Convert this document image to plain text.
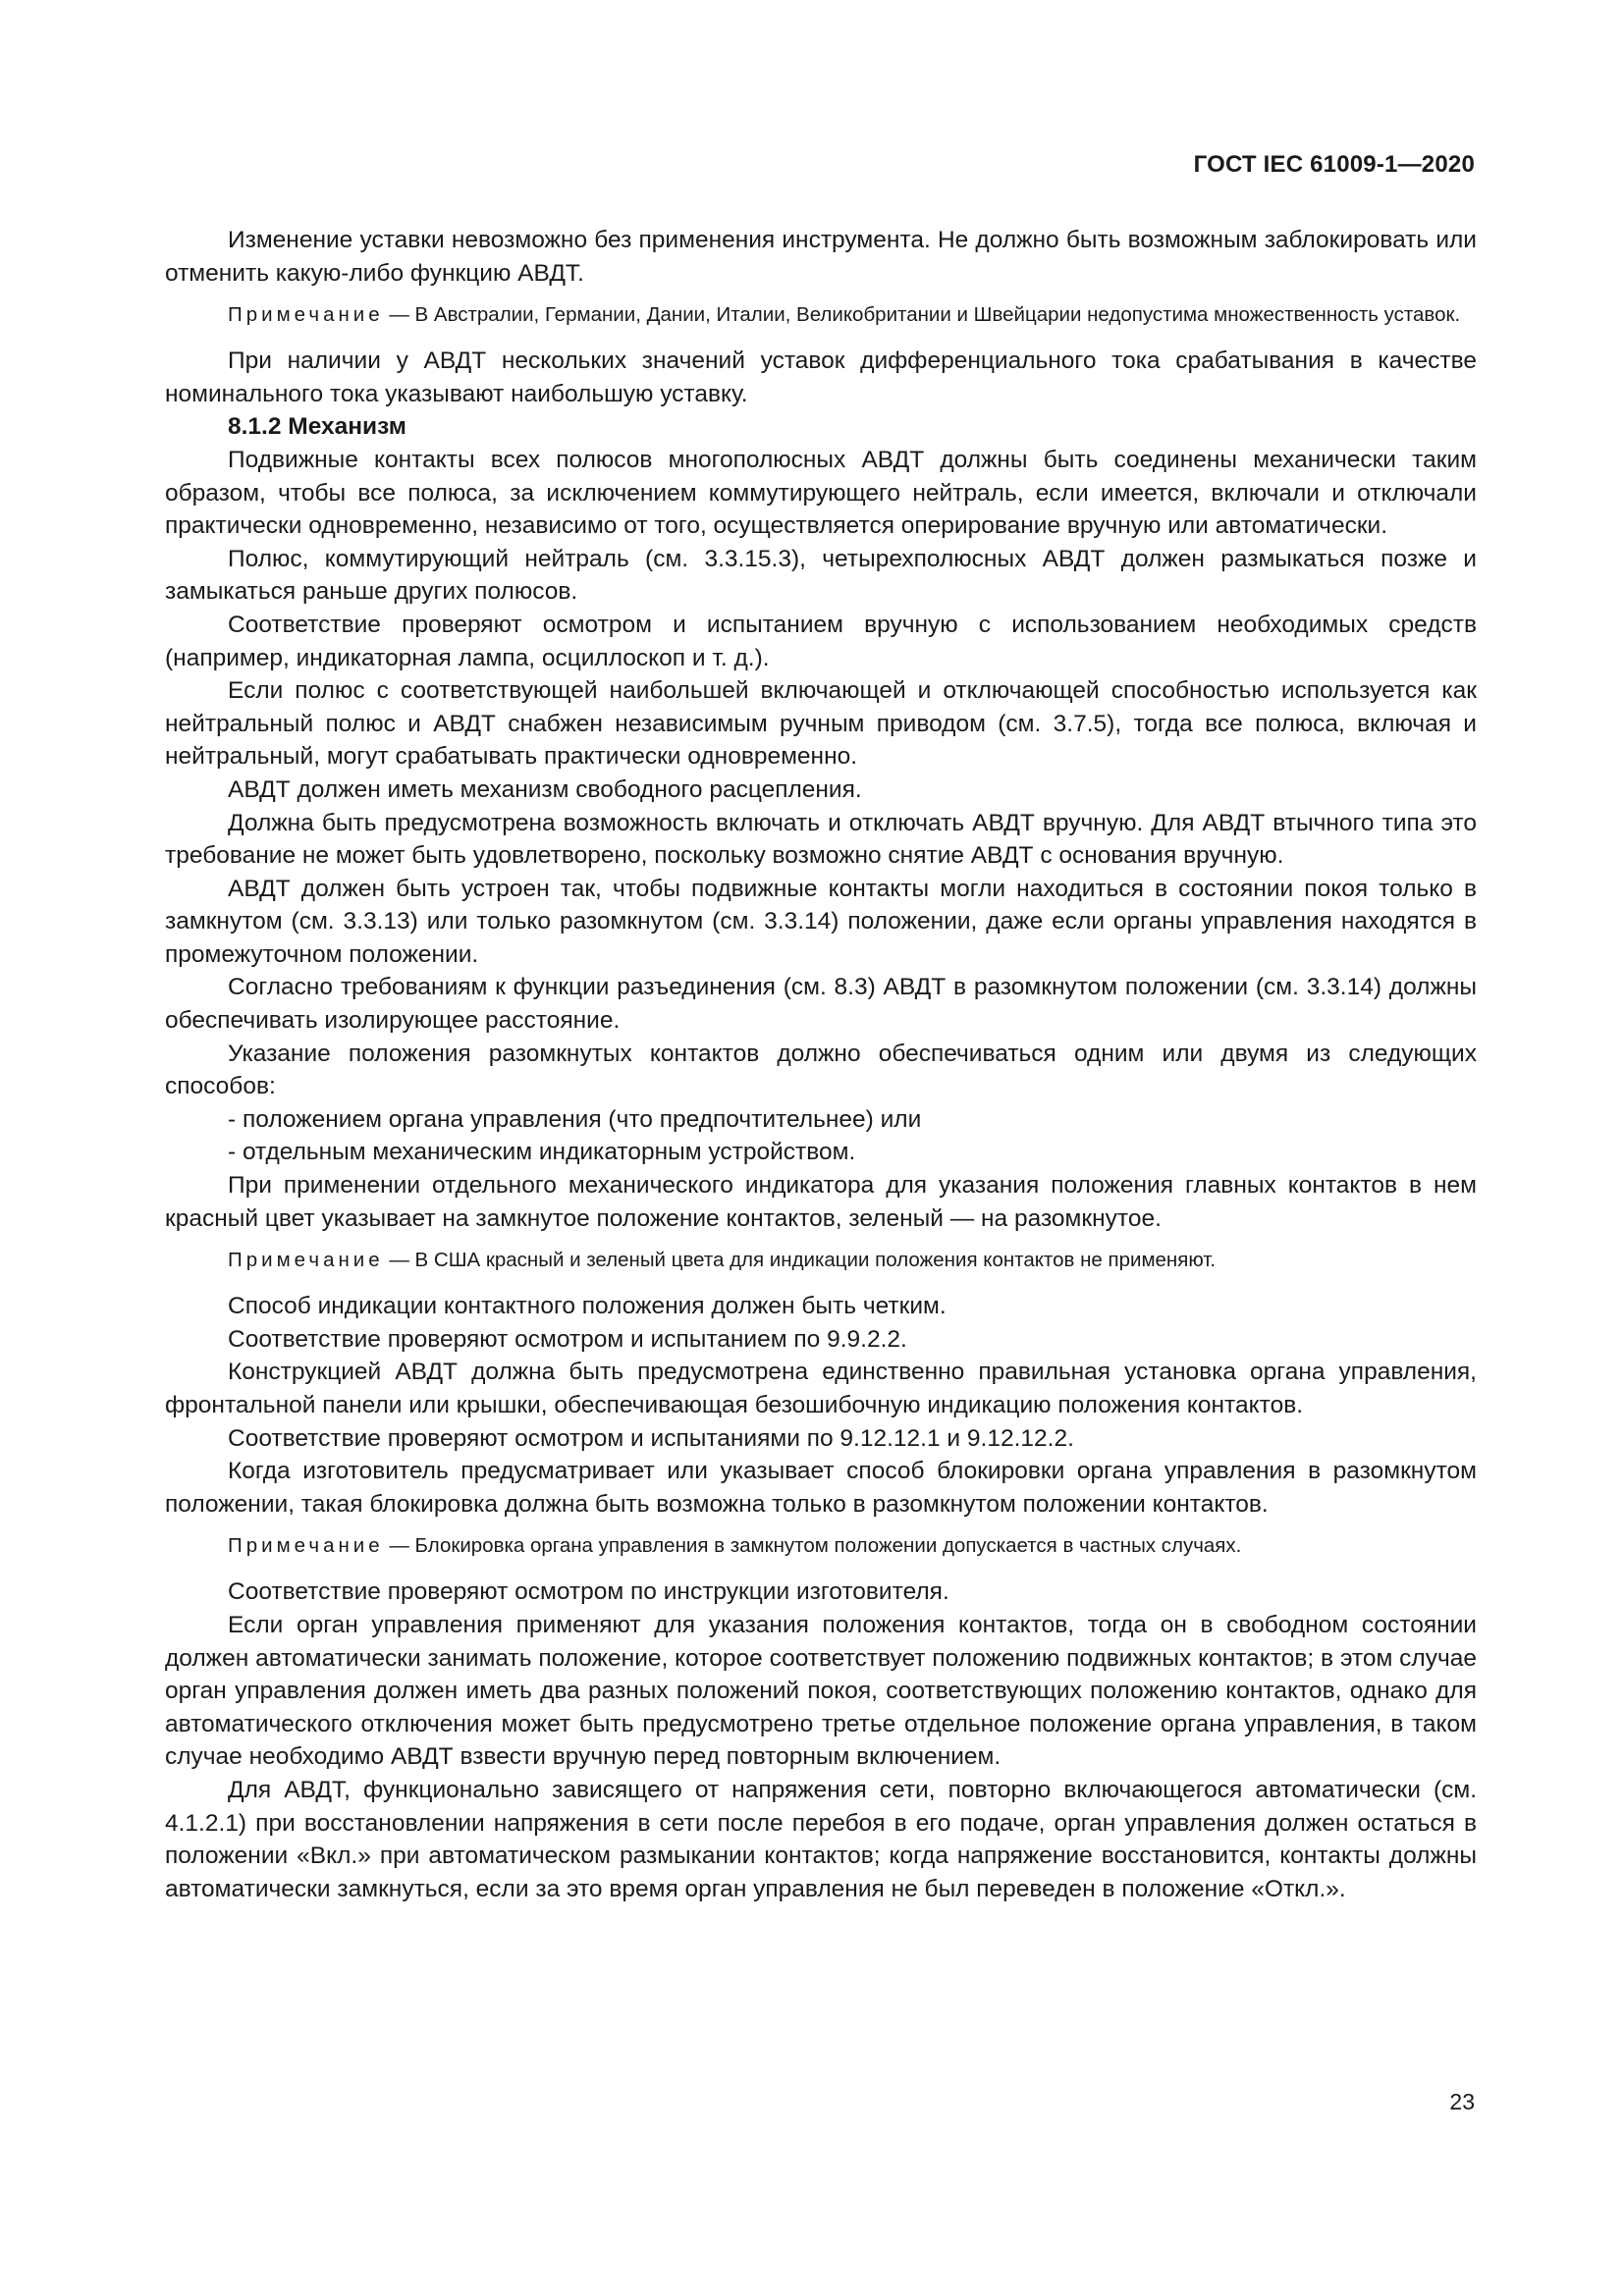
ГОСТ IEC 61009-1—2020

Изменение уставки невозможно без применения инструмента. Не должно быть возможным заблокировать или отменить какую-либо функцию АВДТ.

Примечание — В Австралии, Германии, Дании, Италии, Великобритании и Швейцарии недопустима множественность уставок.

При наличии у АВДТ нескольких значений уставок дифференциального тока срабатывания в качестве номинального тока указывают наибольшую уставку.

8.1.2 Механизм

Подвижные контакты всех полюсов многополюсных АВДТ должны быть соединены механически таким образом, чтобы все полюса, за исключением коммутирующего нейтраль, если имеется, включали и отключали практически одновременно, независимо от того, осуществляется оперирование вручную или автоматически.

Полюс, коммутирующий нейтраль (см. 3.3.15.3), четырехполюсных АВДТ должен размыкаться позже и замыкаться раньше других полюсов.

Соответствие проверяют осмотром и испытанием вручную с использованием необходимых средств (например, индикаторная лампа, осциллоскоп и т. д.).

Если полюс с соответствующей наибольшей включающей и отключающей способностью используется как нейтральный полюс и АВДТ снабжен независимым ручным приводом (см. 3.7.5), тогда все полюса, включая и нейтральный, могут срабатывать практически одновременно.

АВДТ должен иметь механизм свободного расцепления.

Должна быть предусмотрена возможность включать и отключать АВДТ вручную. Для АВДТ втычного типа это требование не может быть удовлетворено, поскольку возможно снятие АВДТ с основания вручную.

АВДТ должен быть устроен так, чтобы подвижные контакты могли находиться в состоянии покоя только в замкнутом (см. 3.3.13) или только разомкнутом (см. 3.3.14) положении, даже если органы управления находятся в промежуточном положении.

Согласно требованиям к функции разъединения (см. 8.3) АВДТ в разомкнутом положении (см. 3.3.14) должны обеспечивать изолирующее расстояние.

Указание положения разомкнутых контактов должно обеспечиваться одним или двумя из следующих способов:

- положением органа управления (что предпочтительнее) или

- отдельным механическим индикаторным устройством.

При применении отдельного механического индикатора для указания положения главных контактов в нем красный цвет указывает на замкнутое положение контактов, зеленый — на разомкнутое.

Примечание — В США красный и зеленый цвета для индикации положения контактов не применяют.

Способ индикации контактного положения должен быть четким.

Соответствие проверяют осмотром и испытанием по 9.9.2.2.

Конструкцией АВДТ должна быть предусмотрена единственно правильная установка органа управления, фронтальной панели или крышки, обеспечивающая безошибочную индикацию положения контактов.

Соответствие проверяют осмотром и испытаниями по 9.12.12.1 и 9.12.12.2.

Когда изготовитель предусматривает или указывает способ блокировки органа управления в разомкнутом положении, такая блокировка должна быть возможна только в разомкнутом положении контактов.

Примечание — Блокировка органа управления в замкнутом положении допускается в частных случаях.

Соответствие проверяют осмотром по инструкции изготовителя.

Если орган управления применяют для указания положения контактов, тогда он в свободном состоянии должен автоматически занимать положение, которое соответствует положению подвижных контактов; в этом случае орган управления должен иметь два разных положений покоя, соответствующих положению контактов, однако для автоматического отключения может быть предусмотрено третье отдельное положение органа управления, в таком случае необходимо АВДТ взвести вручную перед повторным включением.

Для АВДТ, функционально зависящего от напряжения сети, повторно включающегося автоматически (см. 4.1.2.1) при восстановлении напряжения в сети после перебоя в его подаче, орган управления должен остаться в положении «Вкл.» при автоматическом размыкании контактов; когда напряжение восстановится, контакты должны автоматически замкнуться, если за это время орган управления не был переведен в положение «Откл.».

23
